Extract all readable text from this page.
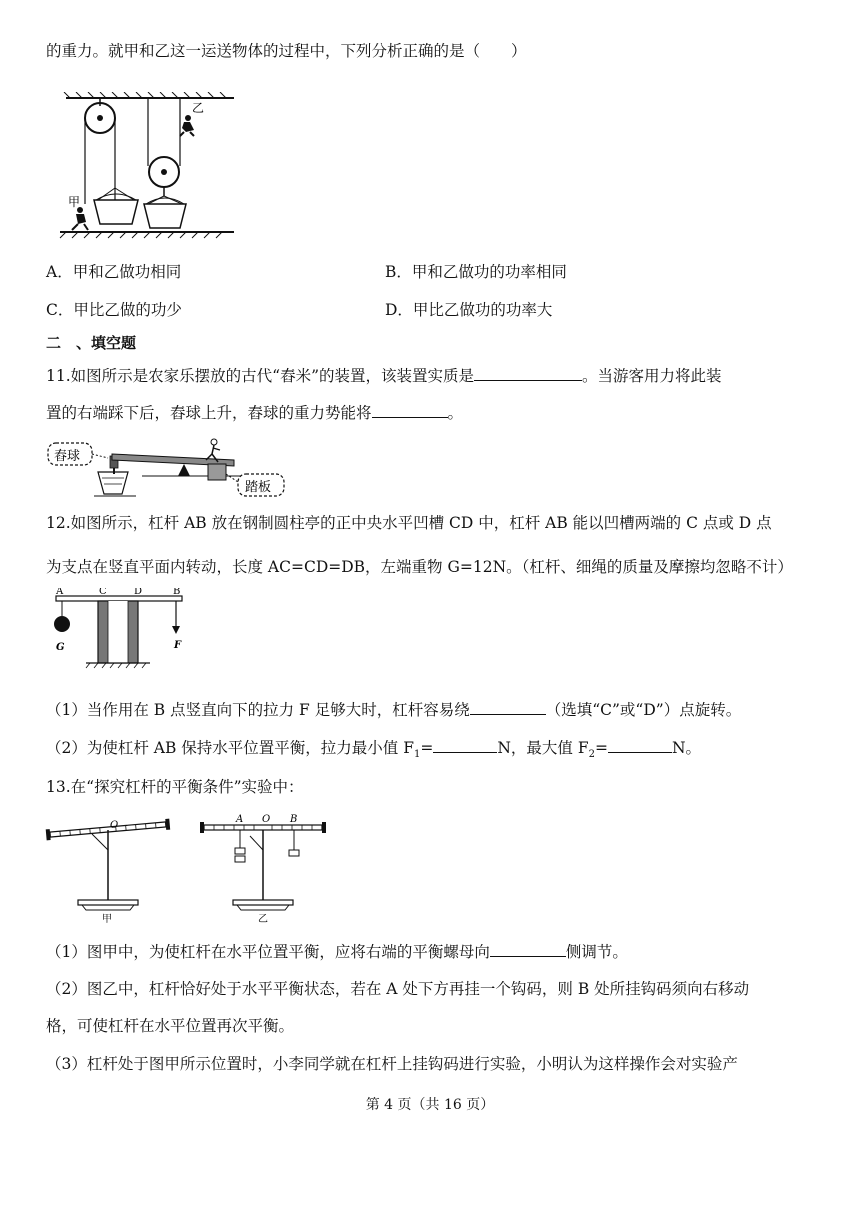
的重力。就甲和乙这一运送物体的过程中，下列分析正确的是（　　）
甲
乙
A．甲和乙做功相同	B．甲和乙做功的功率相同
C．甲比乙做的功少	D．甲比乙做功的功率大
二　、填空题
11.如图所示是农家乐摆放的古代“舂米”的装置，该装置实质是	。当游客用力将此装
置的右端踩下后，舂球上升，舂球的重力势能将	。
舂球
踏板
12.如图所示，杠杆 AB 放在钢制圆柱亭的正中央水平凹槽 CD 中，杠杆 AB 能以凹槽两端的 C 点或 D 点
为支点在竖直平面内转动，长度 AC=CD=DB，左端重物 G=12N。（杠杆、细绳的质量及摩擦均忽略不计）
A	C	D	B
G	F
（1）当作用在 B 点竖直向下的拉力 F 足够大时，杠杆容易绕	（选填“C”或“D”）点旋转。
（2）为使杠杆 AB 保持水平位置平衡，拉力最小值 $F_1=$	N，最大值 $F_2=$	N。
13.在“探究杠杆的平衡条件”实验中：
O
甲
A O B
乙
（1）图甲中，为使杠杆在水平位置平衡，应将右端的平衡螺母向	侧调节。
（2）图乙中，杠杆恰好处于水平平衡状态，若在 A 处下方再挂一个钩码，则 B 处所挂钩码须向右移动
格，可使杠杆在水平位置再次平衡。
（3）杠杆处于图甲所示位置时，小李同学就在杠杆上挂钩码进行实验，小明认为这样操作会对实验产
第 4 页（共 16 页）
